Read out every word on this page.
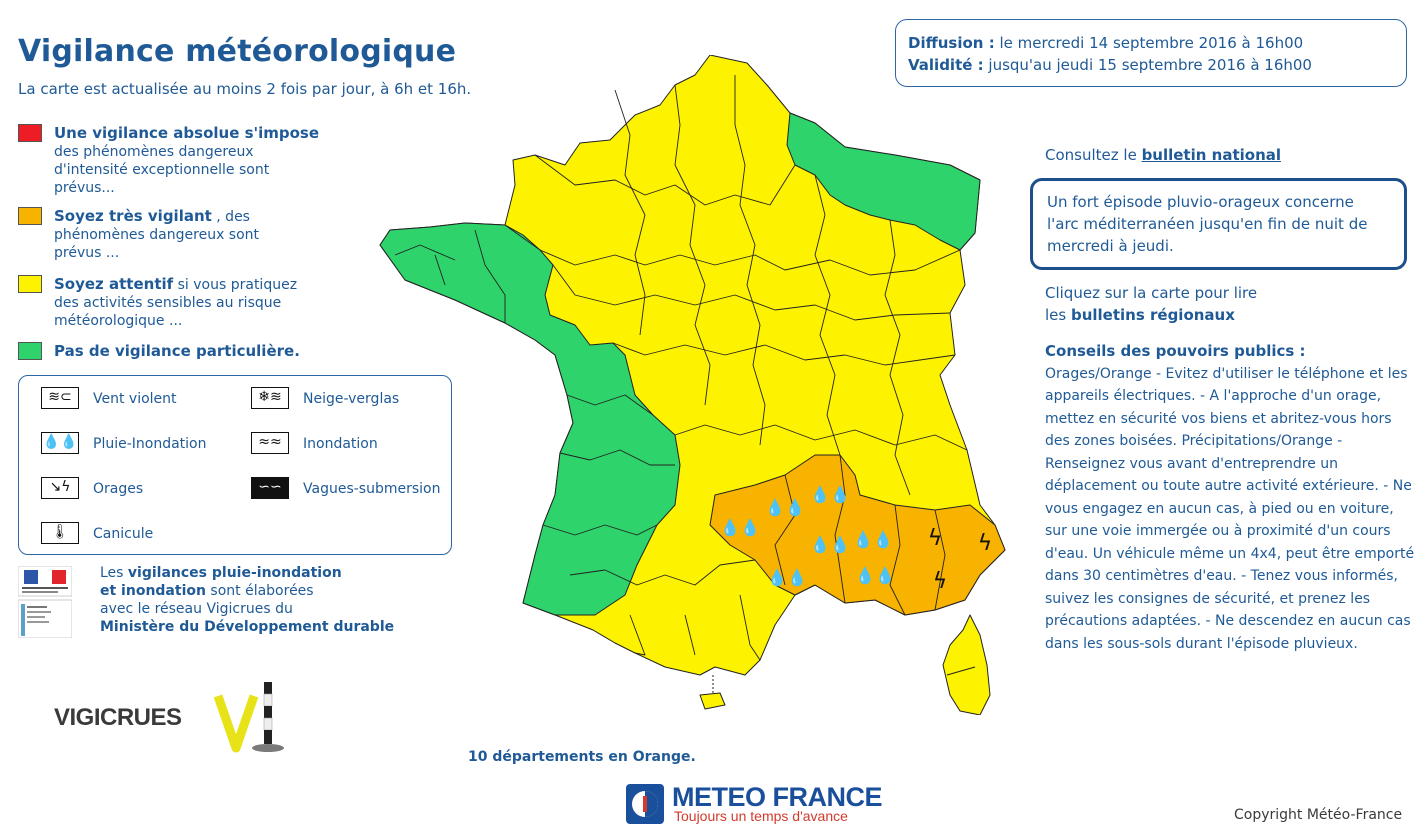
Vigilance météorologique
La carte est actualisée au moins 2 fois par jour, à 6h et 16h.
Une vigilance absolue s'impose
des phénomènes dangereux d'intensité exceptionnelle sont prévus...
Soyez très vigilant , des phénomènes dangereux sont prévus ...
Soyez attentif si vous pratiquez des activités sensibles au risque météorologique ...
Pas de vigilance particulière.
≋⊂	Vent violent	❄≋	Neige-verglas
💧💧 Pluie-Inondation	≈≈	Inondation
↘ϟ	Orages	∽∽	Vagues-submersion
🌡	Canicule
Les vigilances pluie-inondation
et inondation sont élaborées
avec le réseau Vigicrues du
Ministère du Développement durable
VIGICRUES
Diffusion : le mercredi 14 septembre 2016 à 16h00
Validité : jusqu'au jeudi 15 septembre 2016 à 16h00
Consultez le bulletin national
Un fort épisode pluvio-orageux concerne l'arc méditerranéen jusqu'en fin de nuit de mercredi à jeudi.
Cliquez sur la carte pour lire
les bulletins régionaux
Conseils des pouvoirs publics :
Orages/Orange - Evitez d'utiliser le téléphone et les appareils électriques. - A l'approche d'un orage, mettez en sécurité vos biens et abritez-vous hors des zones boisées. Précipitations/Orange - Renseignez vous avant d'entreprendre un déplacement ou toute autre activité extérieure. - Ne vous engagez en aucun cas, à pied ou en voiture, sur une voie immergée ou à proximité d'un cours d'eau. Un véhicule même un 4x4, peut être emporté dans 30 centimètres d'eau. - Tenez vous informés, suivez les consignes de sécurité, et prenez les précautions adaptées. - Ne descendez en aucun cas dans les sous-sols durant l'épisode pluvieux.
💧💧
💧💧
💧💧
💧💧 💧💧
💧💧	💧💧
ϟ ϟ
ϟ
10 départements en Orange.
METEO FRANCE
Toujours un temps d'avance	Copyright Météo-France
